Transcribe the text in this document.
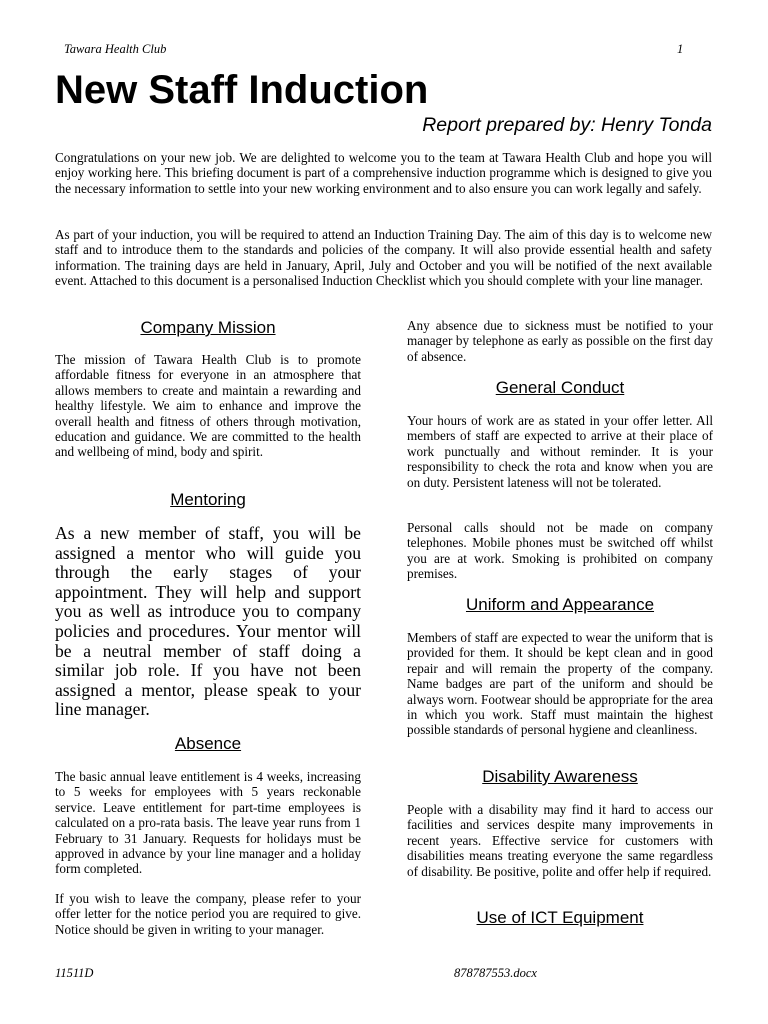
Tawara Health Club	1
New Staff Induction
Report prepared by: Henry Tonda

Congratulations on your new job. We are delighted to welcome you to the team at Tawara Health Club and hope you will enjoy working here. This briefing document is part of a comprehensive induction programme which is designed to give you the necessary information to settle into your new working environment and to also ensure you can work legally and safely.

As part of your induction, you will be required to attend an Induction Training Day. The aim of this day is to welcome new staff and to introduce them to the standards and policies of the company. It will also provide essential health and safety information. The training days are held in January, April, July and October and you will be notified of the next available event. Attached to this document is a personalised Induction Checklist which you should complete with your line manager.

Company Mission

The mission of Tawara Health Club is to promote affordable fitness for everyone in an atmosphere that allows members to create and maintain a rewarding and healthy lifestyle. We aim to enhance and improve the overall health and fitness of others through motivation, education and guidance. We are committed to the health and wellbeing of mind, body and spirit.

Mentoring

As a new member of staff, you will be assigned a mentor who will guide you through the early stages of your appointment. They will help and support you as well as introduce you to company policies and procedures. Your mentor will be a neutral member of staff doing a similar job role. If you have not been assigned a mentor, please speak to your line manager.

Absence

The basic annual leave entitlement is 4 weeks, increasing to 5 weeks for employees with 5 years reckonable service. Leave entitlement for part-time employees is calculated on a pro-rata basis. The leave year runs from 1 February to 31 January. Requests for holidays must be approved in advance by your line manager and a holiday form completed.

If you wish to leave the company, please refer to your offer letter for the notice period you are required to give. Notice should be given in writing to your manager.

Any absence due to sickness must be notified to your manager by telephone as early as possible on the first day of absence.

General Conduct

Your hours of work are as stated in your offer letter. All members of staff are expected to arrive at their place of work punctually and without reminder. It is your responsibility to check the rota and know when you are on duty. Persistent lateness will not be tolerated.

Personal calls should not be made on company telephones. Mobile phones must be switched off whilst you are at work. Smoking is prohibited on company premises.

Uniform and Appearance

Members of staff are expected to wear the uniform that is provided for them. It should be kept clean and in good repair and will remain the property of the company. Name badges are part of the uniform and should be always worn. Footwear should be appropriate for the area in which you work. Staff must maintain the highest possible standards of personal hygiene and cleanliness.

Disability Awareness

People with a disability may find it hard to access our facilities and services despite many improvements in recent years. Effective service for customers with disabilities means treating everyone the same regardless of disability. Be positive, polite and offer help if required.

Use of ICT Equipment
11511D	878787553.docx
